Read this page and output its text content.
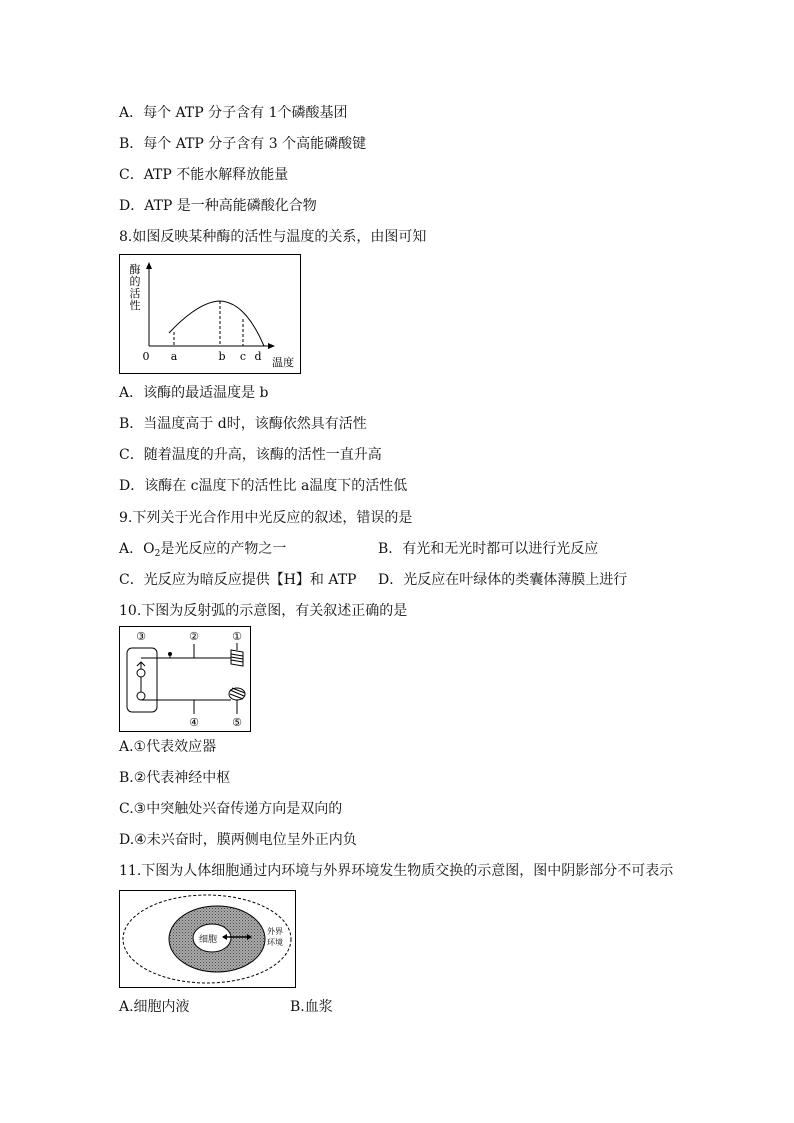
A．每个 ATP 分子含有 1个磷酸基团
B．每个 ATP 分子含有 3 个高能磷酸键
C．ATP 不能水解释放能量
D．ATP 是一种高能磷酸化合物
8.如图反映某种酶的活性与温度的关系，由图可知
酶
的
活
性
0 a	b c d 温度
A．该酶的最适温度是 b
B．当温度高于 d时，该酶依然具有活性
C．随着温度的升高，该酶的活性一直升高
D．该酶在 c温度下的活性比 a温度下的活性低
9.下列关于光合作用中光反应的叙述，错误的是
A．$O_2$是光反应的产物之一	B．有光和无光时都可以进行光反应
C．光反应为暗反应提供【H】和 ATP D．光反应在叶绿体的类囊体薄膜上进行
10.下图为反射弧的示意图，有关叙述正确的是
③	②	①
④	⑤
A.①代表效应器
B.②代表神经中枢
C.③中突触处兴奋传递方向是双向的
D.④未兴奋时，膜两侧电位呈外正内负
11.下图为人体细胞通过内环境与外界环境发生物质交换的示意图，图中阴影部分不可表示
细胞
外界
环境
A.细胞内液	B.血浆
